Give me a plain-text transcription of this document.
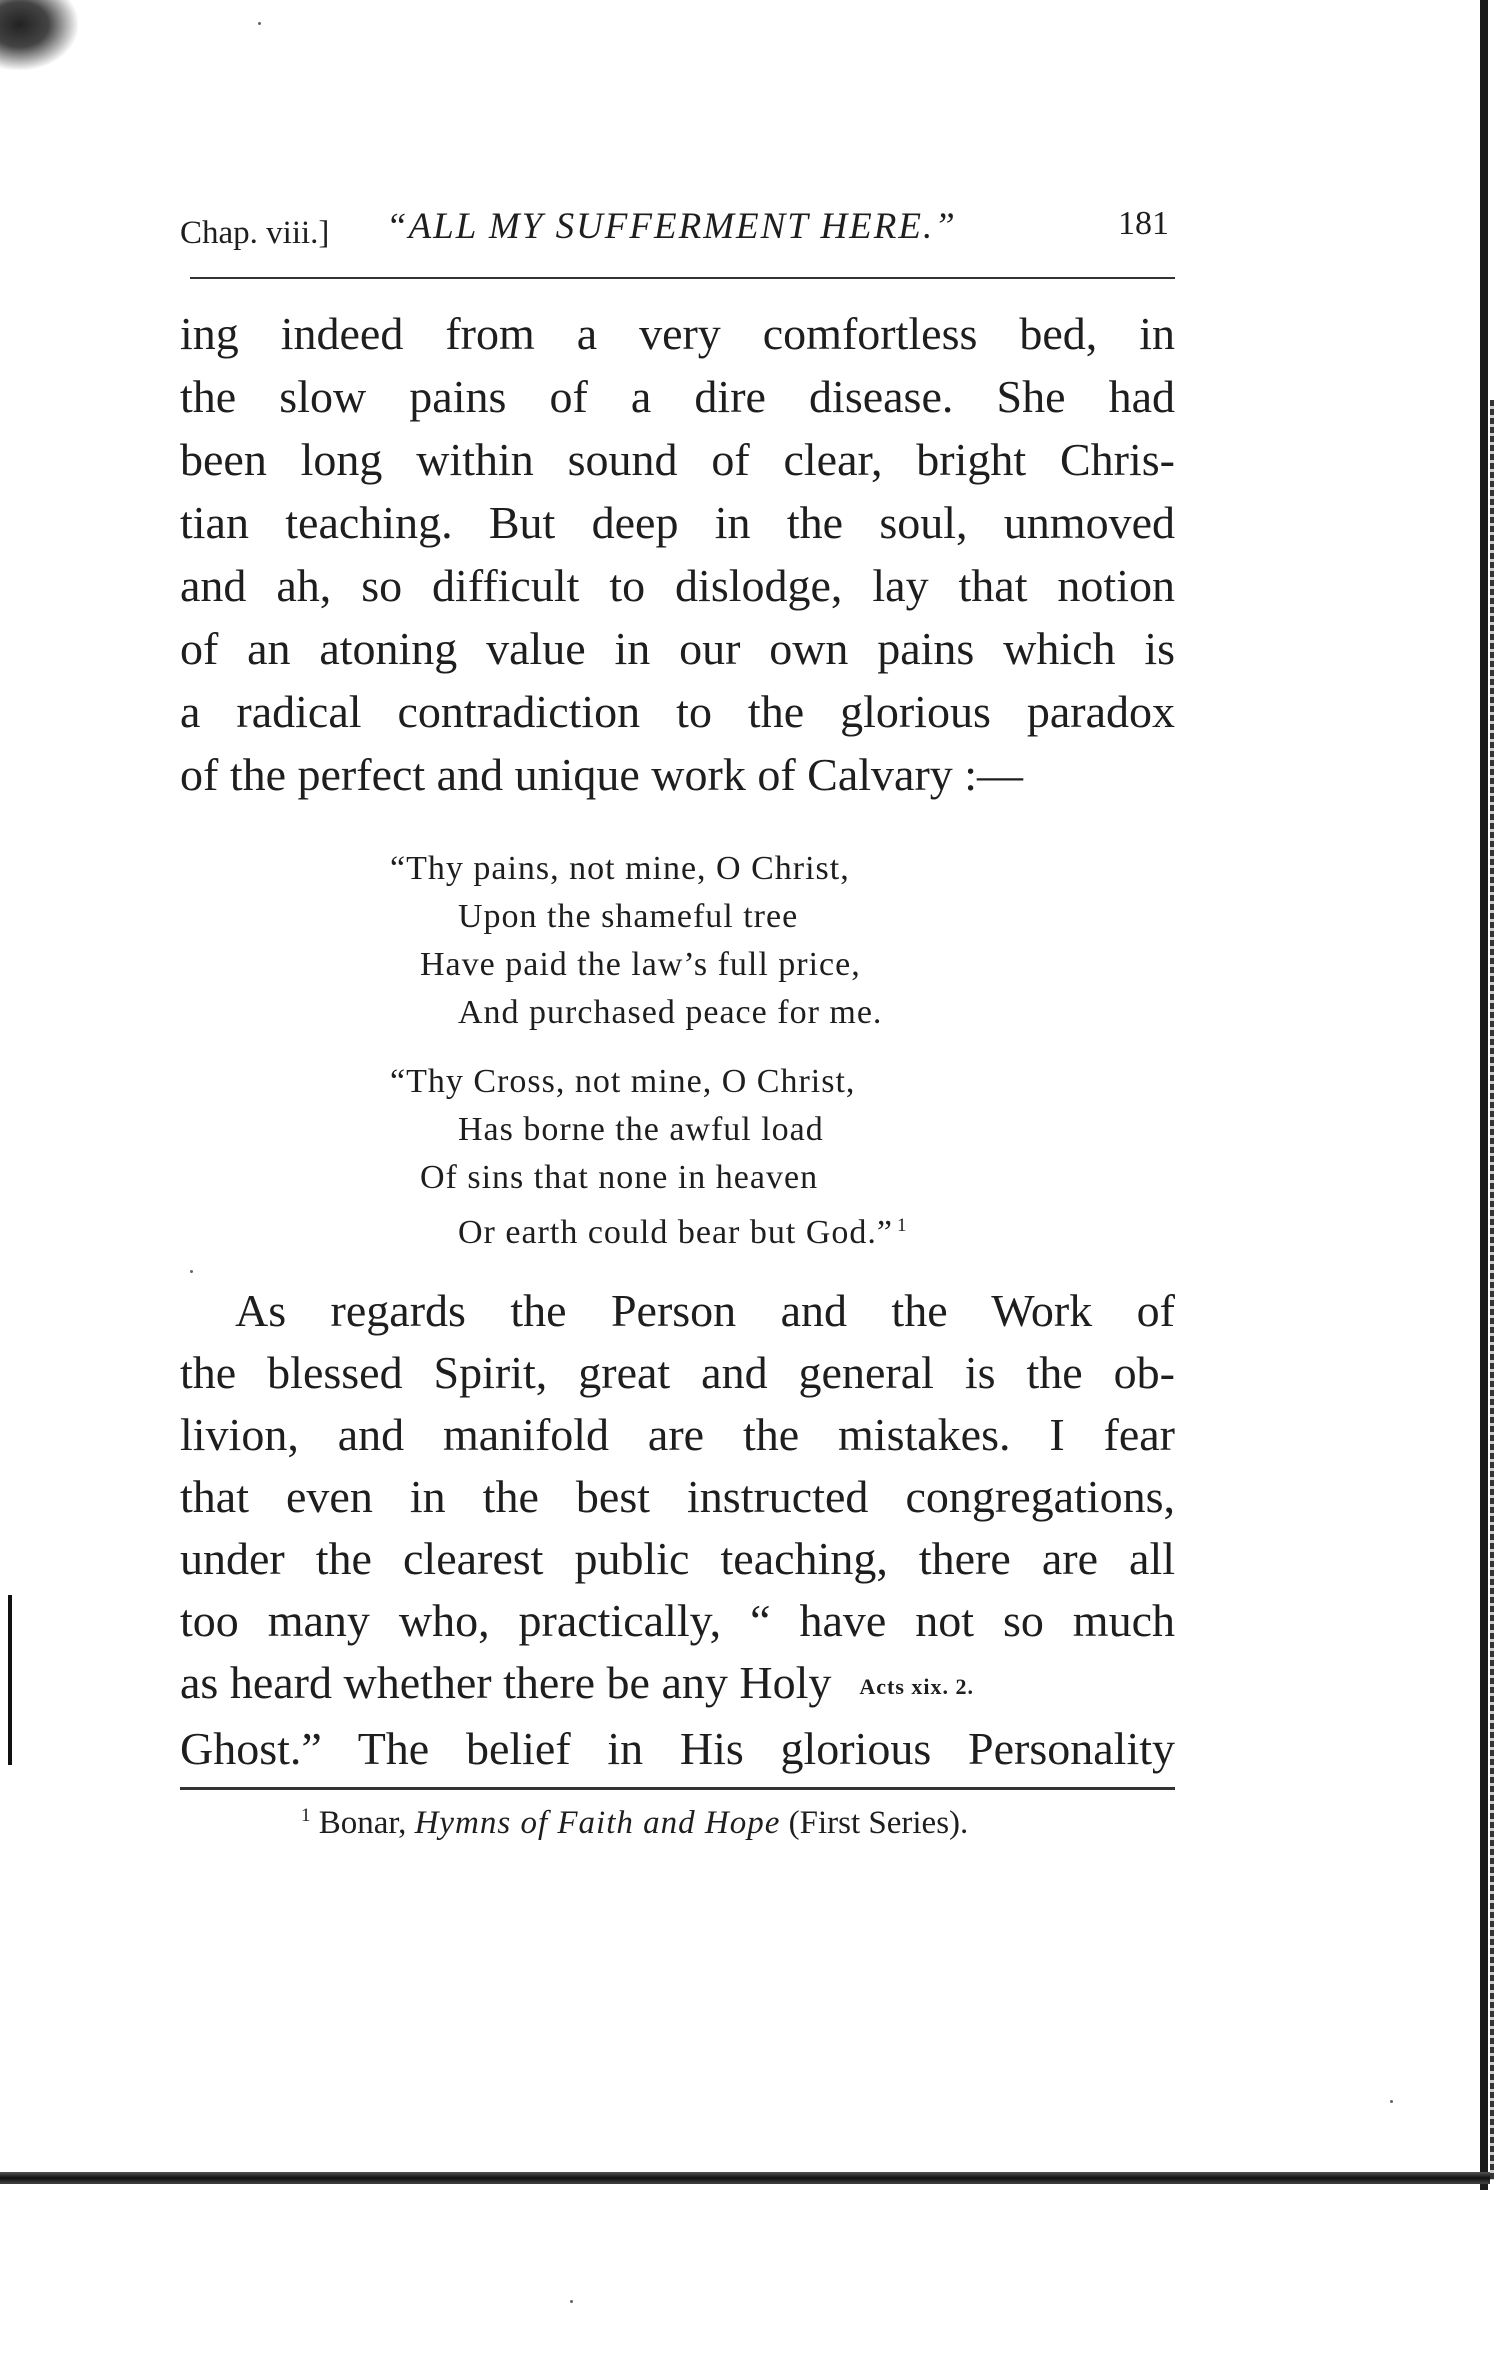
Chap. viii.] “ALL MY SUFFERMENT HERE.”	181
ing indeed from a very comfortless bed, in
the slow pains of a dire disease. She had
been long within sound of clear, bright Chris-
tian teaching. But deep in the soul, unmoved
and ah, so difficult to dislodge, lay that notion
of an atoning value in our own pains which is
a radical contradiction to the glorious paradox
of the perfect and unique work of Calvary :—
“Thy pains, not mine, O Christ,
Upon the shameful tree
Have paid the law’s full price,
And purchased peace for me.
“Thy Cross, not mine, O Christ,
Has borne the awful load
Of sins that none in heaven
Or earth could bear but God.” $^1$
As regards the Person and the Work of
the blessed Spirit, great and general is the ob-
livion, and manifold are the mistakes. I fear
that even in the best instructed congregations,
under the clearest public teaching, there are all
too many who, practically, “ have not so much
as heard whether there be any Holy Acts xix. 2.
Ghost.” The belief in His glorious Personality
$^1$ Bonar, Hymns of Faith and Hope (First Series).
